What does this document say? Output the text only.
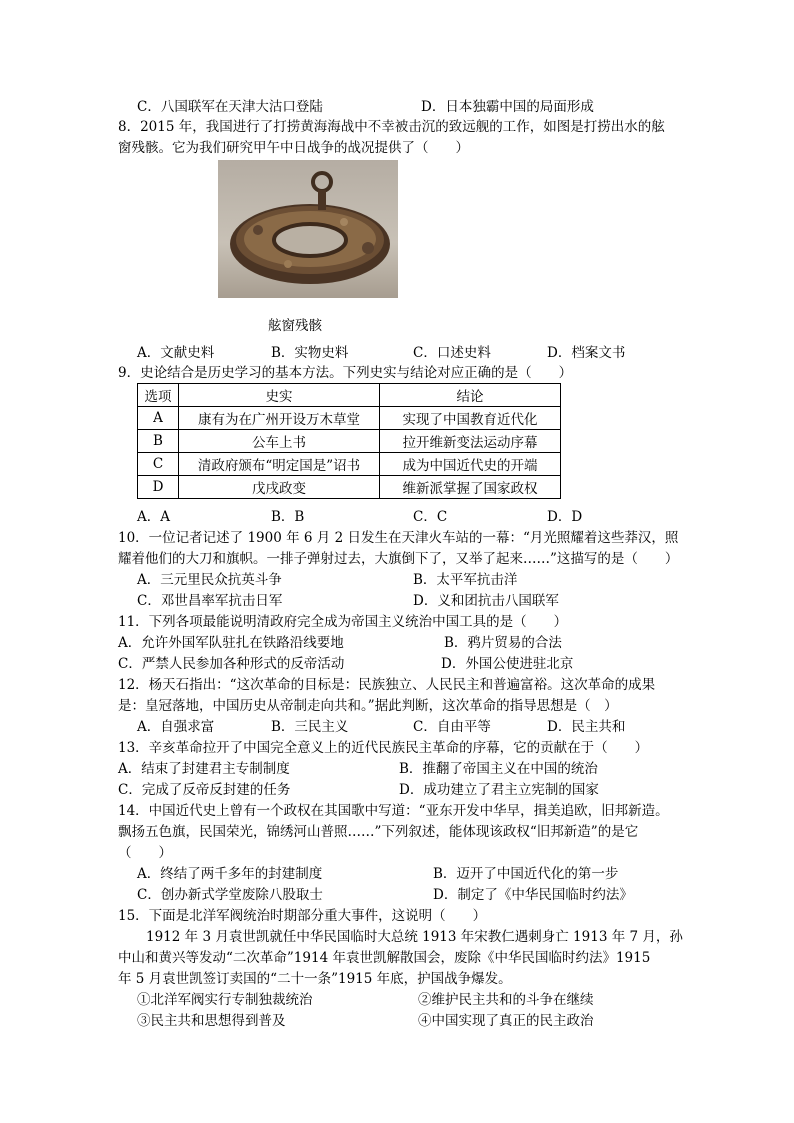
C．八国联军在天津大沽口登陆	D．日本独霸中国的局面形成
8．2015 年，我国进行了打捞黄海海战中不幸被击沉的致远舰的工作，如图是打捞出水的舷
窗残骸。它为我们研究甲午中日战争的战况提供了（　　）
舷窗残骸
A．文献史料	B．实物史料	C．口述史料	D．档案文书
9．史论结合是历史学习的基本方法。下列史实与结论对应正确的是（　　）
选项	史实	结论
A	康有为在广州开设万木草堂	实现了中国教育近代化
B	公车上书	拉开维新变法运动序幕
C	清政府颁布“明定国是”诏书	成为中国近代史的开端
D	戊戌政变	维新派掌握了国家政权
A．A	B．B	C．C	D．D
10．一位记者记述了 1900 年 6 月 2 日发生在天津火车站的一幕：“月光照耀着这些莽汉，照
耀着他们的大刀和旗帜。一排子弹射过去，大旗倒下了，又举了起来……”这描写的是（　　）
A．三元里民众抗英斗争	B．太平军抗击洋
C．邓世昌率军抗击日军	D．义和团抗击八国联军
11．下列各项最能说明清政府完全成为帝国主义统治中国工具的是（　　）
A．允许外国军队驻扎在铁路沿线要地	B．鸦片贸易的合法
C．严禁人民参加各种形式的反帝活动	D．外国公使进驻北京
12．杨天石指出：“这次革命的目标是：民族独立、人民民主和普遍富裕。这次革命的成果
是：皇冠落地，中国历史从帝制走向共和。”据此判断，这次革命的指导思想是（　）
A．自强求富	B．三民主义	C．自由平等	D．民主共和
13．辛亥革命拉开了中国完全意义上的近代民族民主革命的序幕，它的贡献在于（　　）
A．结束了封建君主专制制度	B．推翻了帝国主义在中国的统治
C．完成了反帝反封建的任务	D．成功建立了君主立宪制的国家
14．中国近代史上曾有一个政权在其国歌中写道：“亚东开发中华早，揖美追欧，旧邦新造。
飘扬五色旗，民国荣光，锦绣河山普照……”下列叙述，能体现该政权“旧邦新造”的是它
（　　）
A．终结了两千多年的封建制度	B．迈开了中国近代化的第一步
C．创办新式学堂废除八股取士	D．制定了《中华民国临时约法》
15．下面是北洋军阀统治时期部分重大事件，这说明（　　）
1912 年 3 月袁世凯就任中华民国临时大总统 1913 年宋教仁遇刺身亡 1913 年 7 月，孙
中山和黄兴等发动“二次革命”1914 年袁世凯解散国会，废除《中华民国临时约法》1915
年 5 月袁世凯签订卖国的“二十一条”1915 年底，护国战争爆发。
①北洋军阀实行专制独裁统治	②维护民主共和的斗争在继续
③民主共和思想得到普及	④中国实现了真正的民主政治
